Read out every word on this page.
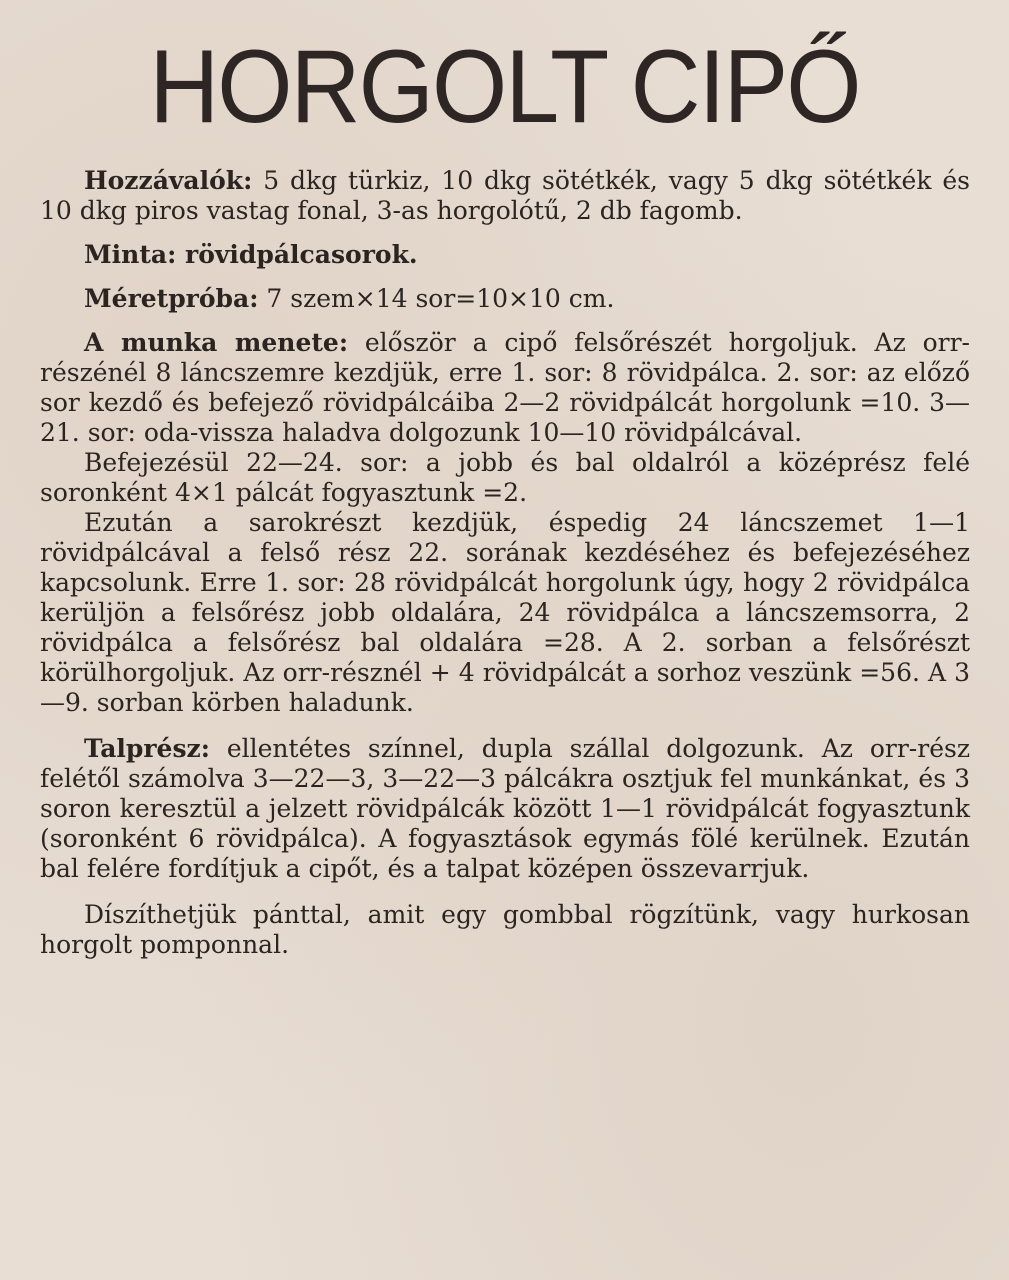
HORGOLT CIPŐ

Hozzávalók: 5 dkg türkiz, 10 dkg sötétkék, vagy 5 dkg sötétkék és 10 dkg piros vastag fonal, 3-as horgolótű, 2 db fagomb.

Minta: rövidpálcasorok.

Méretpróba: 7 szem×14 sor=10×10 cm.

A munka menete: először a cipő felsőrészét horgoljuk. Az orr-részénél 8 láncszemre kezdjük, erre 1. sor: 8 rövidpálca. 2. sor: az előző sor kezdő és befejező rövidpálcáiba 2—2 rövidpálcát horgolunk =10. 3—21. sor: oda-vissza haladva dolgozunk 10—10 rövidpálcával.

Befejezésül 22—24. sor: a jobb és bal oldalról a középrész felé soronként 4×1 pálcát fogyasztunk =2.

Ezután a sarokrészt kezdjük, éspedig 24 láncszemet 1—1 rövidpálcával a felső rész 22. sorának kezdéséhez és befejezéséhez kapcsolunk. Erre 1. sor: 28 rövidpálcát horgolunk úgy, hogy 2 rövidpálca kerüljön a felsőrész jobb oldalára, 24 rövidpálca a láncszemsorra, 2 rövidpálca a felsőrész bal oldalára =28. A 2. sorban a felsőrészt körülhorgoljuk. Az orr-résznél + 4 rövidpálcát a sorhoz veszünk =56. A 3—9. sorban körben haladunk.

Talprész: ellentétes színnel, dupla szállal dolgozunk. Az orr-rész felétől számolva 3—22—3, 3—22—3 pálcákra osztjuk fel munkánkat, és 3 soron keresztül a jelzett rövidpálcák között 1—1 rövidpálcát fogyasztunk (soronként 6 rövidpálca). A fogyasztások egymás fölé kerülnek. Ezután bal felére fordítjuk a cipőt, és a talpat középen összevarrjuk.

Díszíthetjük pánttal, amit egy gombbal rögzítünk, vagy hurkosan horgolt pomponnal.
